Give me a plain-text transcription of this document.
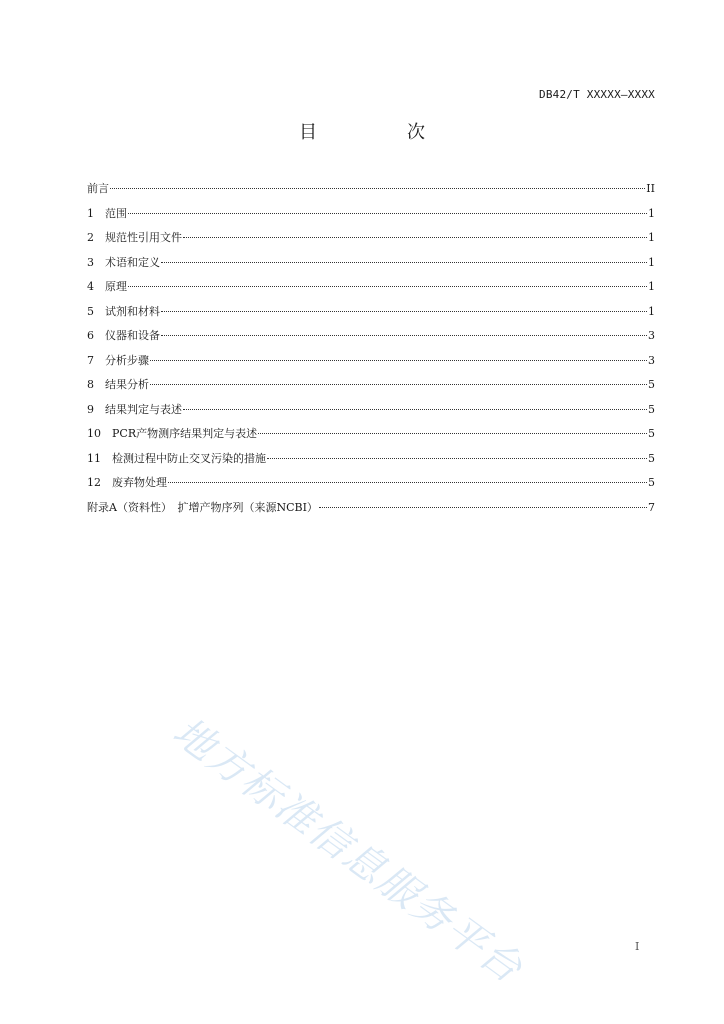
DB42/T XXXXX—XXXX
目　次
前言	II
1	范围	1
2	规范性引用文件	1
3	术语和定义	1
4	原理	1
5	试剂和材料	1
6	仪器和设备	3
7	分析步骤	3
8	结果分析	5
9	结果判定与表述	5
10	PCR产物测序结果判定与表述	5
11	检测过程中防止交叉污染的措施	5
12	废弃物处理	5
附录A（资料性）　扩增产物序列（来源NCBI）	7
地方标准信息服务平台	I
